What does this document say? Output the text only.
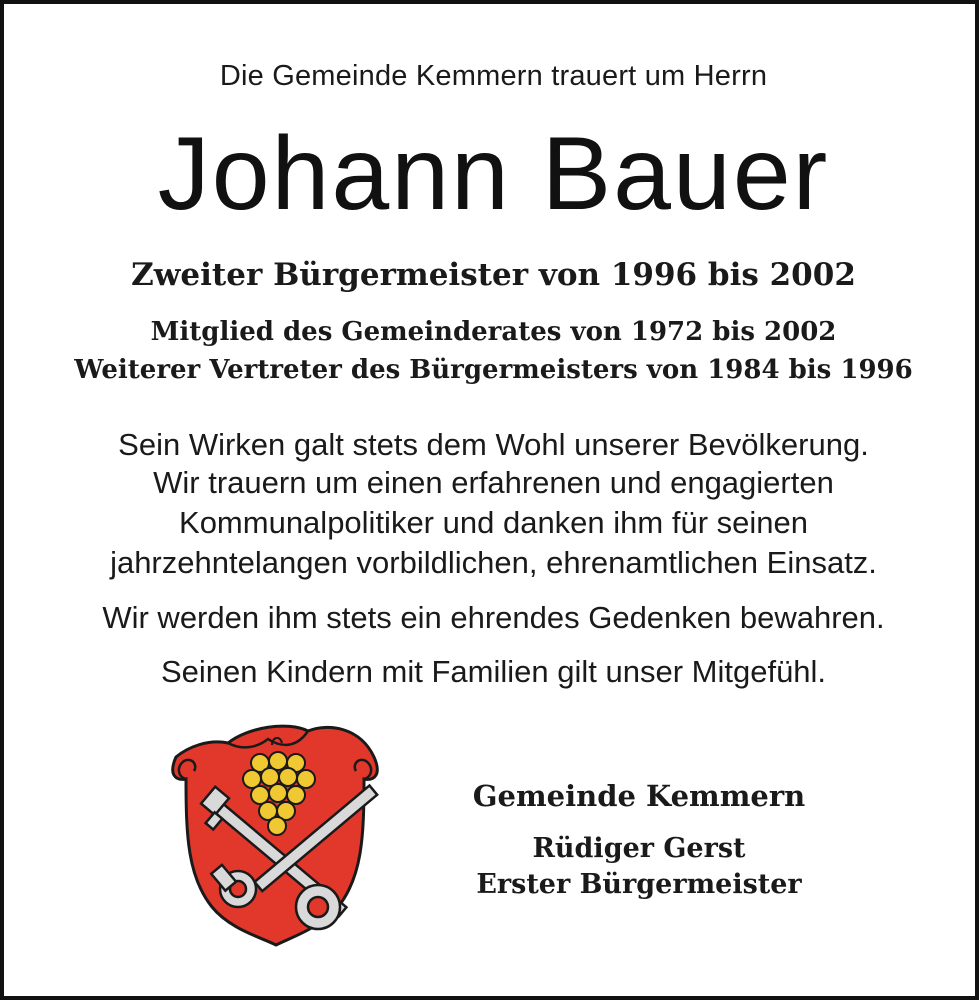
Die Gemeinde Kemmern trauert um Herrn
Johann Bauer
Zweiter Bürgermeister von 1996 bis 2002
Mitglied des Gemeinderates von 1972 bis 2002
Weiterer Vertreter des Bürgermeisters von 1984 bis 1996
Sein Wirken galt stets dem Wohl unserer Bevölkerung.
Wir trauern um einen erfahrenen und engagierten
Kommunalpolitiker und danken ihm für seinen
jahrzehntelangen vorbildlichen, ehrenamtlichen Einsatz.
Wir werden ihm stets ein ehrendes Gedenken bewahren.
Seinen Kindern mit Familien gilt unser Mitgefühl.
Gemeinde Kemmern
Rüdiger Gerst
Erster Bürgermeister
